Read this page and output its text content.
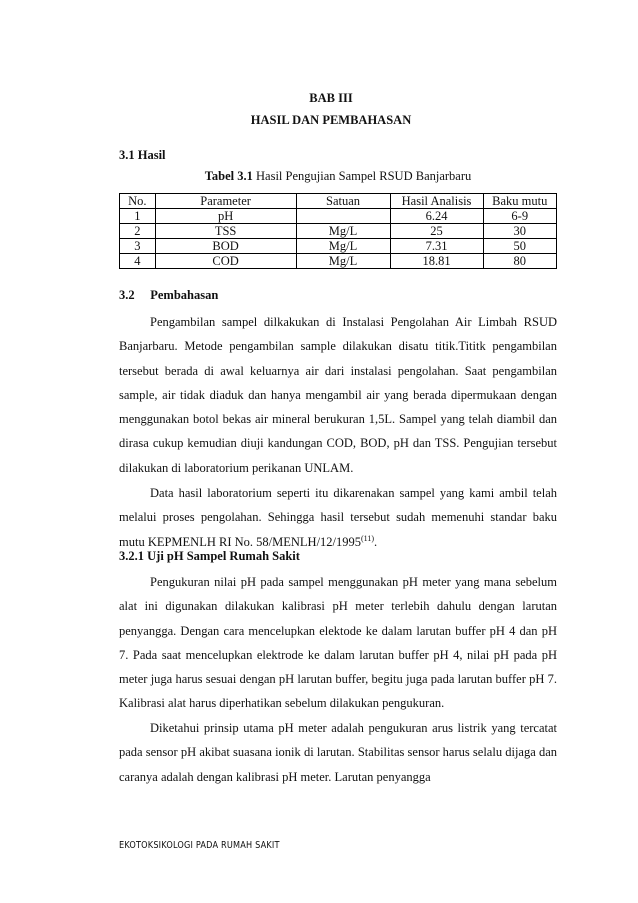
BAB III
HASIL DAN PEMBAHASAN
3.1 Hasil
Tabel 3.1 Hasil Pengujian Sampel RSUD Banjarbaru
No.	Parameter	Satuan	Hasil Analisis	Baku mutu
1	pH		6.24	6-9
2	TSS	Mg/L	25	30
3	BOD	Mg/L	7.31	50
4	COD	Mg/L	18.81	80
3.2     Pembahasan

Pengambilan sampel dilkakukan di Instalasi Pengolahan Air Limbah RSUD Banjarbaru. Metode pengambilan sample dilakukan disatu titik.Tititk pengambilan tersebut berada di awal keluarnya air dari instalasi pengolahan. Saat pengambilan sample, air tidak diaduk dan hanya mengambil air yang berada dipermukaan dengan menggunakan botol bekas air mineral berukuran 1,5L. Sampel yang telah diambil dan dirasa cukup kemudian diuji kandungan COD, BOD, pH dan TSS. Pengujian tersebut dilakukan di laboratorium perikanan UNLAM.

Data hasil laboratorium seperti itu dikarenakan sampel yang kami ambil telah melalui proses pengolahan. Sehingga hasil tersebut sudah memenuhi standar baku mutu KEPMENLH RI No. 58/MENLH/12/1995$^{(11)}$.

3.2.1 Uji pH Sampel Rumah Sakit

Pengukuran nilai pH pada sampel menggunakan pH meter yang mana sebelum alat ini digunakan dilakukan kalibrasi pH meter terlebih dahulu dengan larutan penyangga. Dengan cara mencelupkan elektode ke dalam larutan buffer pH 4 dan pH 7. Pada saat mencelupkan elektrode ke dalam larutan buffer pH 4, nilai pH pada pH meter juga harus sesuai dengan pH larutan buffer, begitu juga pada larutan buffer pH 7. Kalibrasi alat harus diperhatikan sebelum dilakukan pengukuran.

Diketahui prinsip utama pH meter adalah pengukuran arus listrik yang tercatat pada sensor pH akibat suasana ionik di larutan. Stabilitas sensor harus selalu dijaga dan caranya adalah dengan kalibrasi pH meter. Larutan penyangga

EKOTOKSIKOLOGI PADA RUMAH SAKIT
